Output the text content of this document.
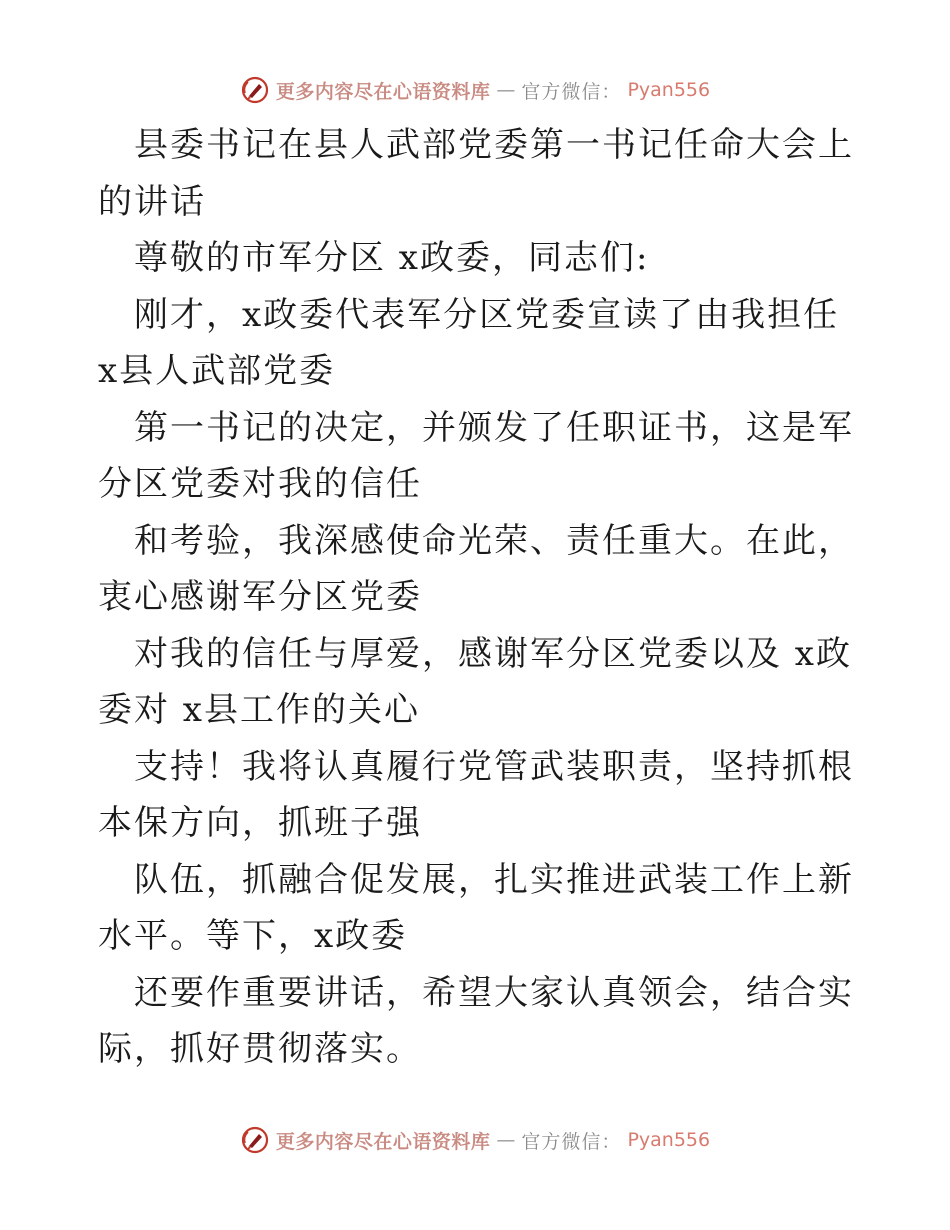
更多内容尽在心语资料库 — 官方微信： Pyan556

县委书记在县人武部党委第一书记任命大会上的讲话

尊敬的市军分区 x政委，同志们:

刚才，x政委代表军分区党委宣读了由我担任 x县人武部党委

第一书记的决定，并颁发了任职证书，这是军分区党委对我的信任

和考验，我深感使命光荣、责任重大。在此，衷心感谢军分区党委

对我的信任与厚爱，感谢军分区党委以及 x政委对 x县工作的关心

支持！我将认真履行党管武装职责，坚持抓根本保方向，抓班子强

队伍，抓融合促发展，扎实推进武装工作上新水平。等下，x政委

还要作重要讲话，希望大家认真领会，结合实际，抓好贯彻落实。

更多内容尽在心语资料库 — 官方微信： Pyan556
